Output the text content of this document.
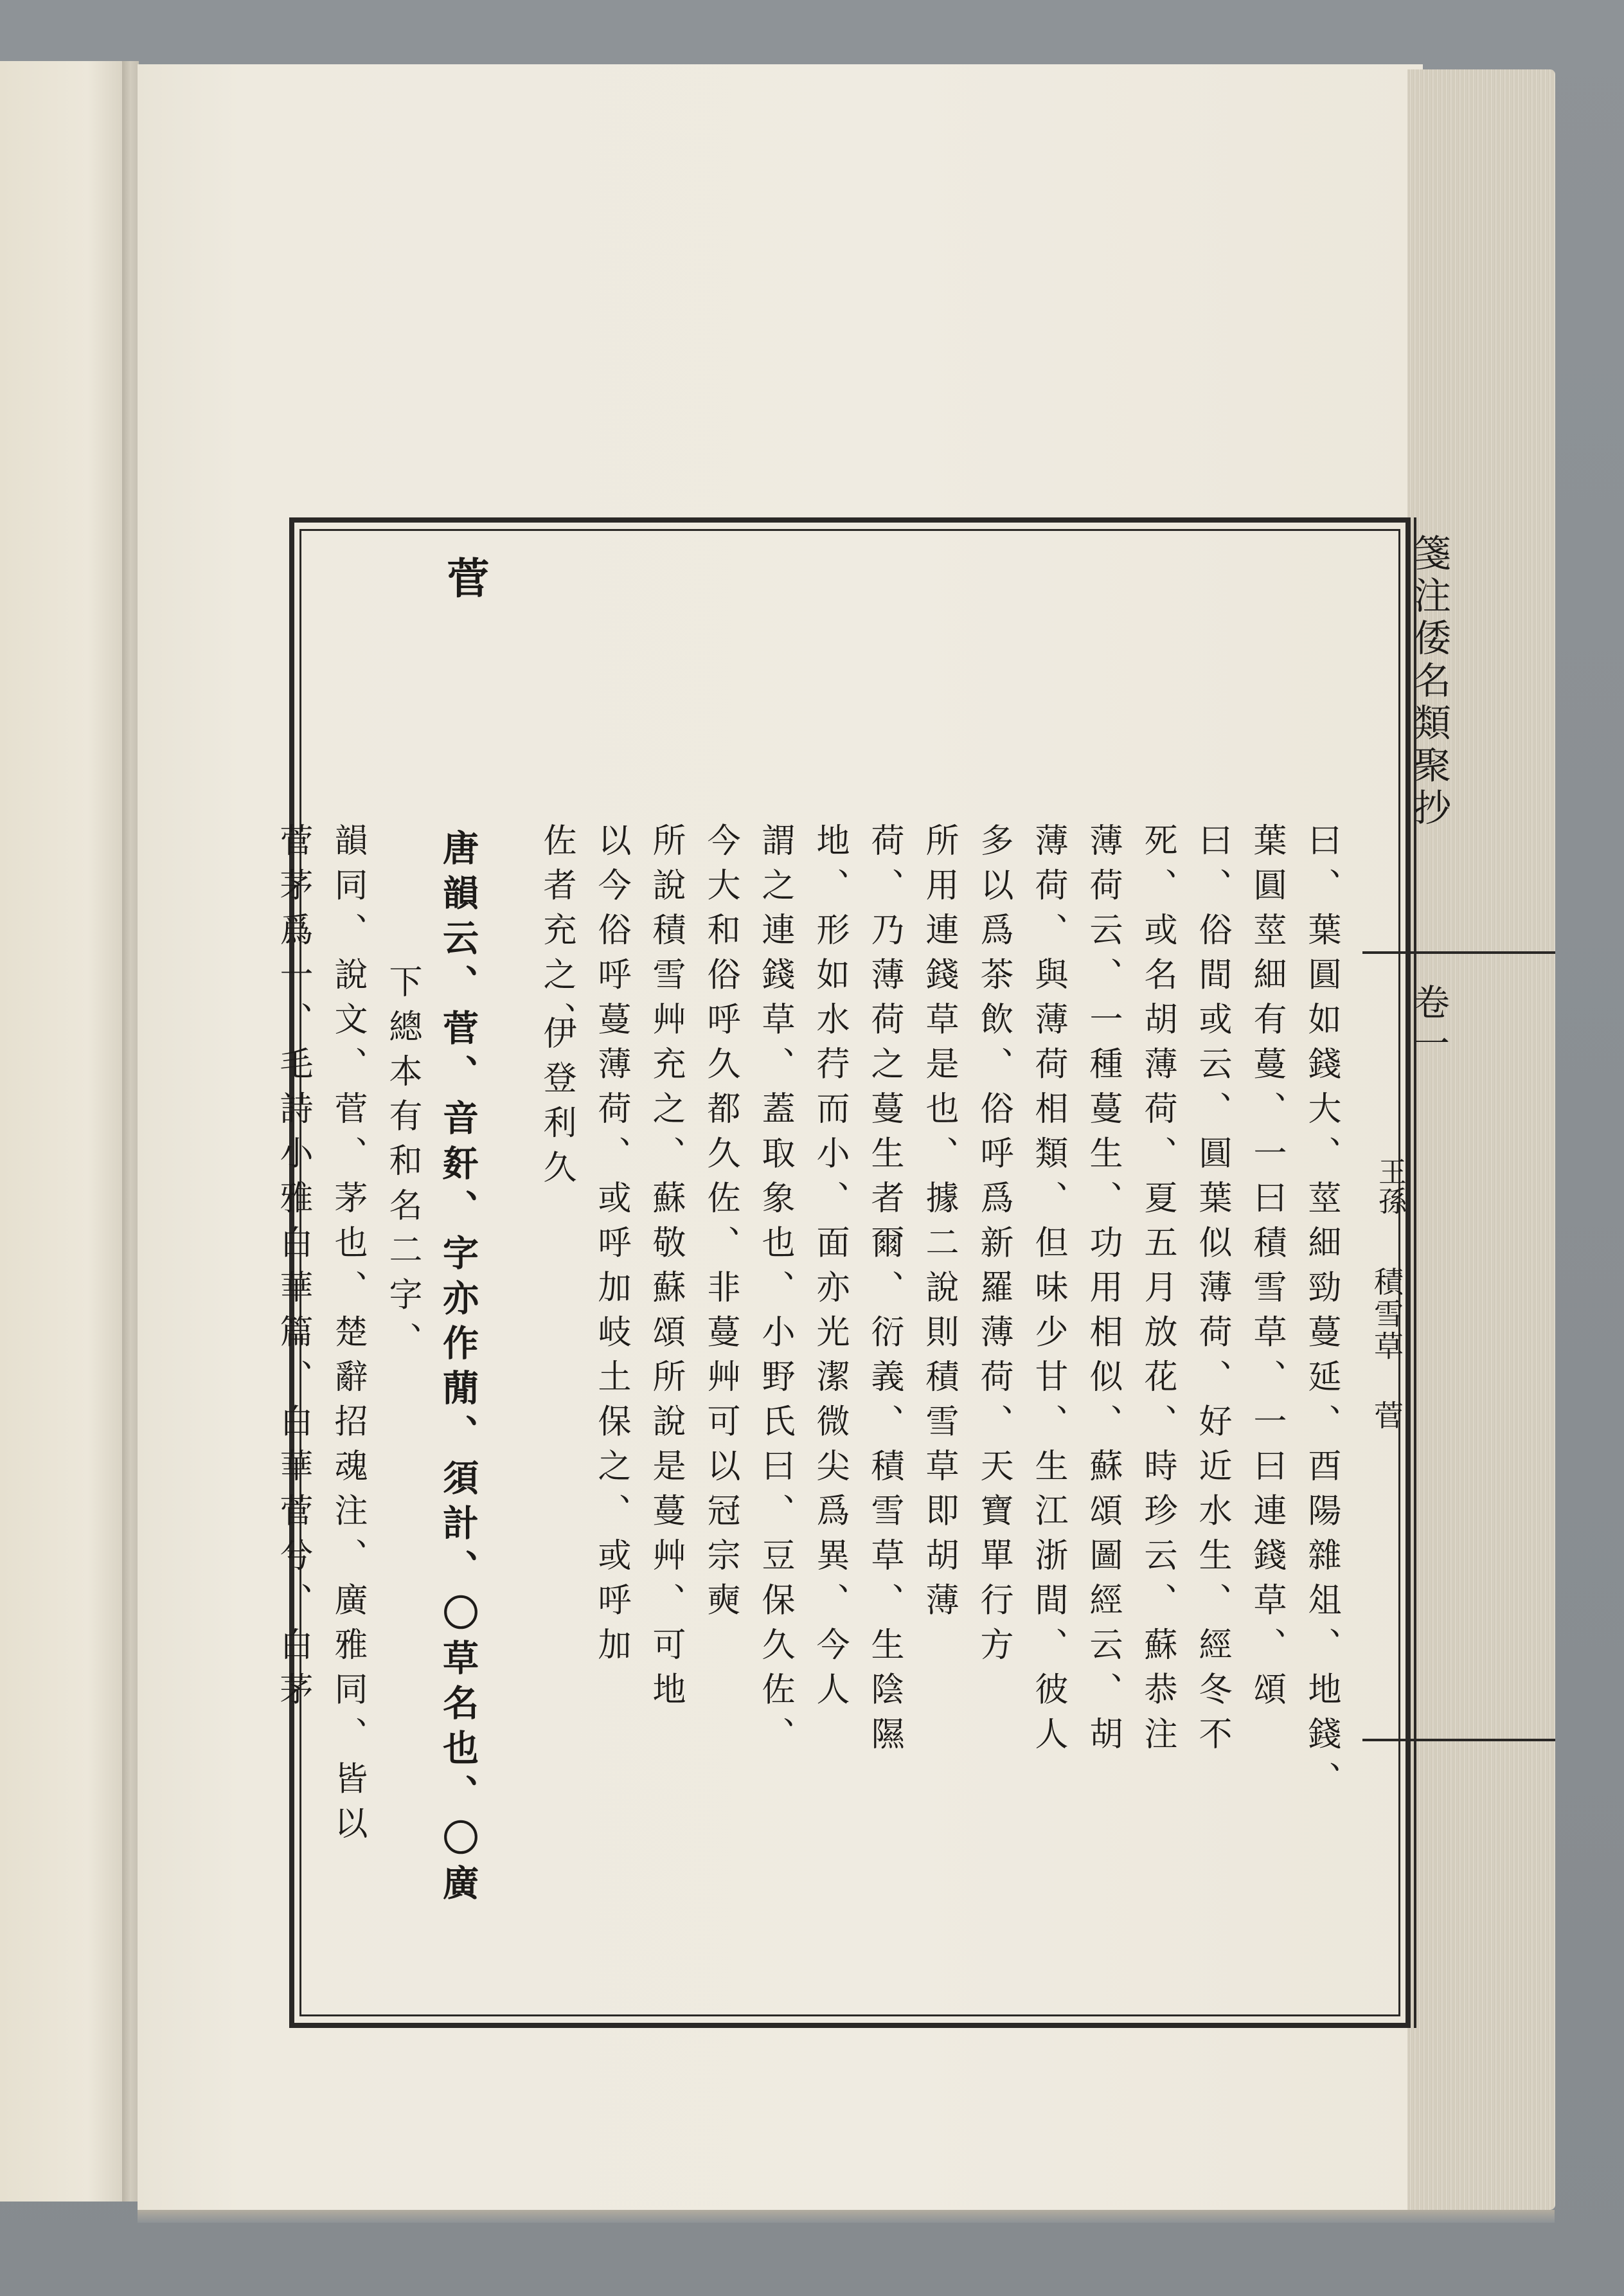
箋注倭名類聚抄
卷一
王孫
積雪草 菅
曰、葉圓如錢大、莖細勁蔓延、酉陽雜俎、地錢、
葉圓莖細有蔓、一曰積雪草、一曰連錢草、頌
曰、俗間或云、圓葉似薄荷、好近水生、經冬不
死、或名胡薄荷、夏五月放花、時珍云、蘇恭注
薄荷云、一種蔓生、功用相似、蘇頌圖經云、胡
薄荷、與薄荷相類、但味少甘、生江浙間、彼人
多以爲茶飲、俗呼爲新羅薄荷、天寶單行方
所用連錢草是也、據二說則積雪草即胡薄
荷、乃薄荷之蔓生者爾、衍義、積雪草、生陰隰
地、形如水荇而小、面亦光潔微尖爲異、今人
謂之連錢草、蓋取象也、小野氏曰、豆保久佐、
今大和俗呼久都久佐、非蔓艸可以冠宗奭
所說積雪艸充之、蘇敬蘇頌所說是蔓艸、可地
以今俗呼蔓薄荷、或呼加岐土保之、或呼加
佐者充之、
伊登利久
菅
唐韻云、菅、音姧、字亦作蕑、須計、〇草名也、〇廣
下總本有和名二字、
韻同、說文、菅、茅也、楚辭招魂注、廣雅同、皆以
菅茅爲一、毛詩小雅白華篇、白華菅兮、白茅
